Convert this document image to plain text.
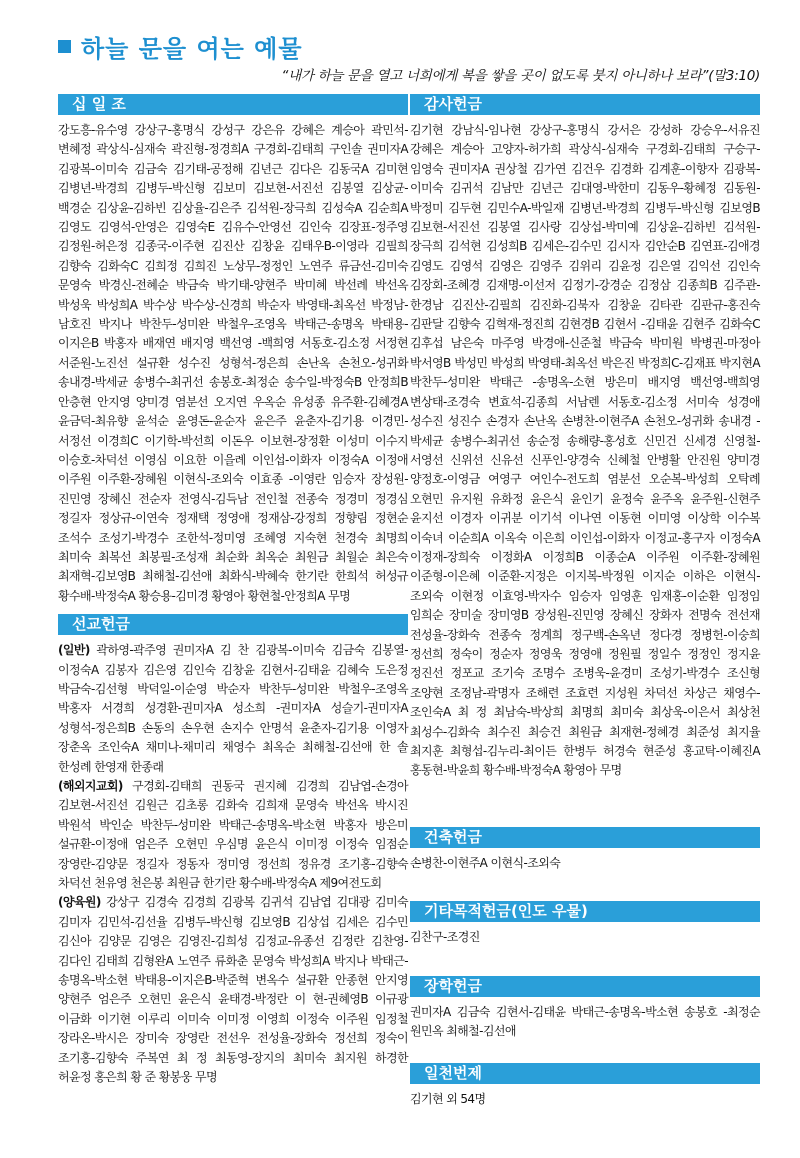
하늘 문을 여는 예물
“내가 하늘 문을 열고 너희에게 복을 쌓을 곳이 없도록 붓지 아니하나 보라”(말3:10)
십 일 조

강도흥-유수영 강상구-홍명식 강성구 강은유 강혜은 계승아 곽민석-변혜정 곽상식-심재숙 곽진형-정경희A 구경회-김태희 구인솔 권미자A 김광복-이미숙 김금숙 김기태-공정해 김년근 김다은 김동국A 김미현 김병년-박경희 김병두-박신형 김보미 김보현-서진선 김봉열 김상균-백경순 김상윤-김하빈 김상율-김은주 김석원-장극희 김성숙A 김순희A 김영도 김영석-안영은 김영숙E 김유수-안영선 김인숙 김장표-정주영 김정원-허은정 김종국-이주현 김진산 김창윤 김태우B-이영라 김필희 김향숙 김화숙C 김희정 김희진 노상무-정정인 노연주 류금선-김미숙 문영숙 박경신-전혜순 박금숙 박기태-양현주 박미혜 박선례 박선옥 박성욱 박성희A 박수상 박수상-신경희 박순자 박영태-최옥선 박정남-남호진 박지나 박찬두-성미완 박철우-조영옥 박태근-송명옥 박태용-이지은B 박홍자 배재연 배지영 백선영 -백희영 서동호-김소정 서정현 서준원-노진선 설규환 성수진 성형석-정은희 손난옥 손천오-성귀화 송내경-박세균 송병수-최귀선 송봉호-최정순 송수일-박정숙B 안정희B 안층현 안지영 양미경 염분선 오지연 우옥순 유성종 유주환-김혜경A 윤금덕-최유향 윤석순 윤영돈-윤순자 윤은주 윤춘자-김기용 이경민-서정선 이경희C 이기학-박선희 이돈우 이보현-장정환 이성미 이수지 이승호-차덕선 이영심 이요한 이을례 이인섭-이화자 이정숙A 이정애 이주원 이주환-장혜원 이현식-조외숙 이효종 -이영란 임승자 장성원-진민영 장혜신 전순자 전영식-김득남 전인철 전종숙 정경미 정경심 정길자 정상규-이연숙 정재택 정영애 정재삼-강정희 정향림 정현순 조석수 조성기-박경수 조한석-정미영 조혜영 지숙현 천경숙 최명희 최미숙 최복선 최봉필-조성재 최순화 최옥순 최원금 최월순 최은숙 최재혁-김보영B 최해철-김선애 최화식-박혜숙 한기란 한희석 허성규 황수배-박정숙A 황승용-김미경 황영아 황현철-안정희A 무명

선교헌금

(일반) 곽하영-곽주영 권미자A 김 찬 김광복-이미숙 김금숙 김봉열-이정숙A 김봉자 김은영 김인숙 김창윤 김현서-김태윤 김혜숙 도은정 박금숙-김선형 박덕일-이순영 박순자 박찬두-성미완 박철우-조영옥 박홍자 서경희 성경환-권미자A 성소희 -권미자A 성슬기-권미자A 성형석-정은희B 손동의 손우현 손지수 안명석 윤춘자-김기용 이영자 장춘옥 조인숙A 채미나-채미리 채영수 최옥순 최해철-김선애 한 솔 한성례 한영재 한종래

(해외지교회) 구경회-김태희 권동국 권지혜 김경희 김남엽-손경아 김보현-서진선 김원근 김초롱 김화숙 김희재 문영숙 박선옥 박시진 박원석 박인순 박찬두-성미완 박태근-송명옥-박소현 박홍자 방은미 설규환-이정애 엄은주 오현민 우심명 윤은식 이미정 이정숙 임점순 장영란-김양문 정길자 정동자 정미영 정선희 정유경 조기홍-김향숙 차덕선 천유영 천은봉 최원금 한기란 황수배-박정숙A 제9여전도회

(양육원) 강상구 김경숙 김경희 김광복 김귀석 김남엽 김대광 김미숙 김미자 김민석-김선율 김병두-박신형 김보영B 김상섭 김세은 김수민 김신아 김양문 김영은 김영진-김희성 김정교-유종선 김정란 김찬영-김다인 김태희 김형완A 노연주 류화춘 문영숙 박성희A 박지나 박태근-송명옥-박소현 박태용-이지은B-박준혁 변옥수 설규환 안종현 안지영 양현주 엄은주 오현민 윤은식 윤태경-박정란 이 현-권혜영B 이규광 이금화 이기현 이루리 이미숙 이미정 이영희 이정숙 이주원 임정철 장라온-박시은 장미숙 장영란 전선우 전성율-장화숙 정선희 정숙이 조기홍-김향숙 주복연 최 정 최동영-장지의 최미숙 최지원 하경한 허윤정 홍은희 황 준 황봉웅 무명

감사헌금

김기현 강남식-임나현 강상구-홍명식 강서은 강성하 강승우-서유진 강혜은 계승아 고양자-허가희 곽상식-심재숙 구경회-김태희 구승구-임영숙 권미자A 권상철 김가연 김건우 김경화 김계훈-이향자 김광복-이미숙 김귀석 김남만 김년근 김대영-박한미 김동우-황혜정 김동원-박정미 김두현 김민수A-박일재 김병년-박경희 김병두-박신형 김보영B 김보현-서진선 김봉열 김사랑 김상섭-박미예 김상윤-김하빈 김석원-장극희 김석현 김성희B 김세은-김수민 김시자 김안순B 김연표-김애경 김영도 김영석 김영은 김영주 김위리 김윤정 김은열 김익선 김인숙 김장회-조혜경 김재명-이선저 김정기-강경순 김정삼 김종희B 김주관-한경남 김진산-김필희 김진화-김북자 김창윤 김타관 김판규-홍진숙 김판달 김향숙 김혁재-정진희 김현경B 김현서 -김태윤 김현주 김화숙C 김후섭 남은숙 마주영 박경애-신준철 박금숙 박미원 박병권-마정아 박서영B 박성민 박성희 박영태-최옥선 박은진 박정희C-김재표 박지현A 박찬두-성미완 박태근 -송명옥-소현 방은미 배지영 백선영-백희영 변상태-조경숙 변효석-김종희 서남렌 서동호-김소정 서미숙 성경애 성수진 성진수 손경자 손난옥 손병찬-이현주A 손천오-성귀화 송내경 -박세균 송병수-최귀선 송순정 송해량-홍성호 신민건 신세경 신영철-서영선 신위선 신유선 신푸인-양경숙 신혜철 안병활 안진원 양미경 양정호-이영금 여영구 여인수-전도희 염분선 오순복-박성희 오탁례 오현민 유지원 유화정 윤은식 윤인기 윤정숙 윤주옥 윤주원-신현주 윤지선 이경자 이귀분 이기석 이나연 이동현 이미영 이상학 이수복 이숙녀 이순희A 이옥숙 이은희 이인섭-이화자 이정교-홍구자 이정숙A 이정재-장희숙 이정화A 이정희B 이종순A 이주원 이주환-장혜원 이준형-이은혜 이준환-지정은 이지복-박정원 이지순 이하은 이현식-조외숙 이현정 이효영-박자수 임승자 임영훈 임재홍-이순환 임정임 임희순 장미술 장미영B 장성원-진민영 장혜신 장화자 전명숙 전선재 전성율-장화숙 전종숙 정계희 정구백-손옥년 정다경 정병헌-이숭희 정선희 정숙이 정순자 정영욱 정영애 정원필 정일수 정정인 정지윤 정진선 정포교 조기숙 조명수 조병욱-윤경미 조성기-박경수 조신형 조양현 조정남-곽명자 조해련 조효련 지성원 차덕선 차상근 채영수-조인숙A 최 정 최남숙-박상희 최명희 최미숙 최상욱-이은서 최상천 최성수-김화숙 최수진 최승건 최원금 최재현-정혜경 최준성 최지율 최지훈 최형섭-김누리-최이든 한병두 허경숙 현준성 홍교탁-이혜진A 홍동현-박윤희 황수배-박정숙A 황영아 무명

건축헌금

손병찬-이현주A 이현식-조외숙

기타목적헌금(인도 우물)

김찬구-조경진

장학헌금

권미자A 김금숙 김현서-김태윤 박태근-송명옥-박소현 송봉호 -최정순 원민옥 최해철-김선애

일천번제

김기현 외 54명
